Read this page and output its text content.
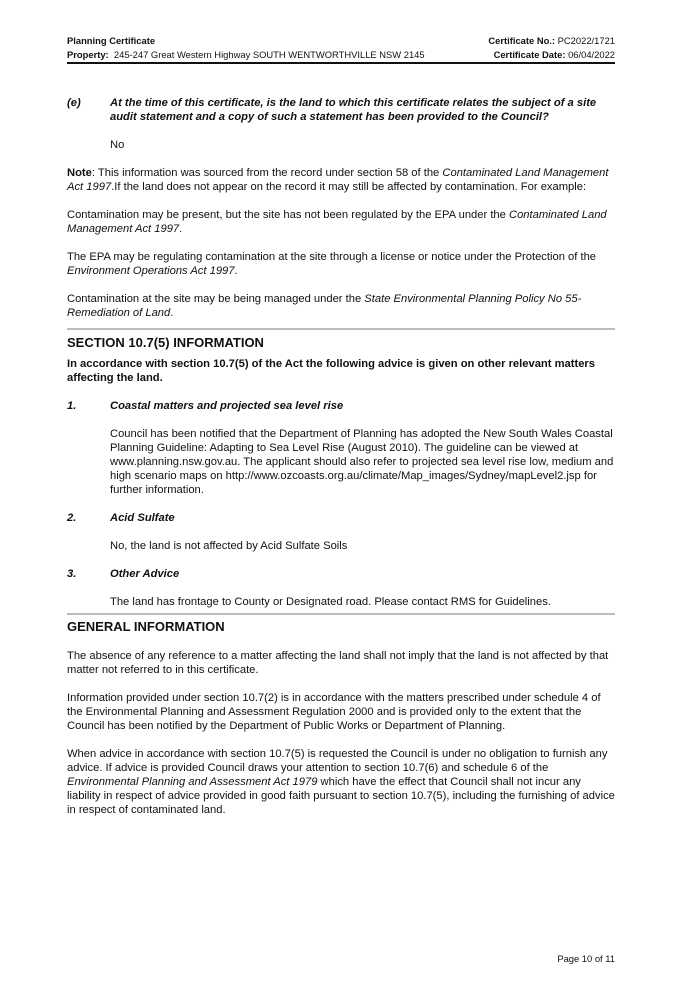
Planning Certificate	Certificate No.: PC2022/1721
Property: 245-247 Great Western Highway SOUTH WENTWORTHVILLE NSW 2145	Certificate Date: 06/04/2022
(e)	At the time of this certificate, is the land to which this certificate relates the subject of a site audit statement and a copy of such a statement has been provided to the Council?

No

Note: This information was sourced from the record under section 58 of the Contaminated Land Management Act 1997.If the land does not appear on the record it may still be affected by contamination. For example:

Contamination may be present, but the site has not been regulated by the EPA under the Contaminated Land Management Act 1997.

The EPA may be regulating contamination at the site through a license or notice under the Protection of the Environment Operations Act 1997.

Contamination at the site may be being managed under the State Environmental Planning Policy No 55-Remediation of Land.

SECTION 10.7(5) INFORMATION

In accordance with section 10.7(5) of the Act the following advice is given on other relevant matters affecting the land.

1.	Coastal matters and projected sea level rise

Council has been notified that the Department of Planning has adopted the New South Wales Coastal Planning Guideline: Adapting to Sea Level Rise (August 2010). The guideline can be viewed at www.planning.nsw.gov.au. The applicant should also refer to projected sea level rise low, medium and high scenario maps on http://www.ozcoasts.org.au/climate/Map_images/Sydney/mapLevel2.jsp for further information.

2.	Acid Sulfate

No, the land is not affected by Acid Sulfate Soils

3.	Other Advice

The land has frontage to County or Designated road. Please contact RMS for Guidelines.

GENERAL INFORMATION

The absence of any reference to a matter affecting the land shall not imply that the land is not affected by that matter not referred to in this certificate.

Information provided under section 10.7(2) is in accordance with the matters prescribed under schedule 4 of the Environmental Planning and Assessment Regulation 2000 and is provided only to the extent that the Council has been notified by the Department of Public Works or Department of Planning.

When advice in accordance with section 10.7(5) is requested the Council is under no obligation to furnish any advice. If advice is provided Council draws your attention to section 10.7(6) and schedule 6 of the Environmental Planning and Assessment Act 1979 which have the effect that Council shall not incur any liability in respect of advice provided in good faith pursuant to section 10.7(5), including the furnishing of advice in respect of contaminated land.

Page 10 of 11
